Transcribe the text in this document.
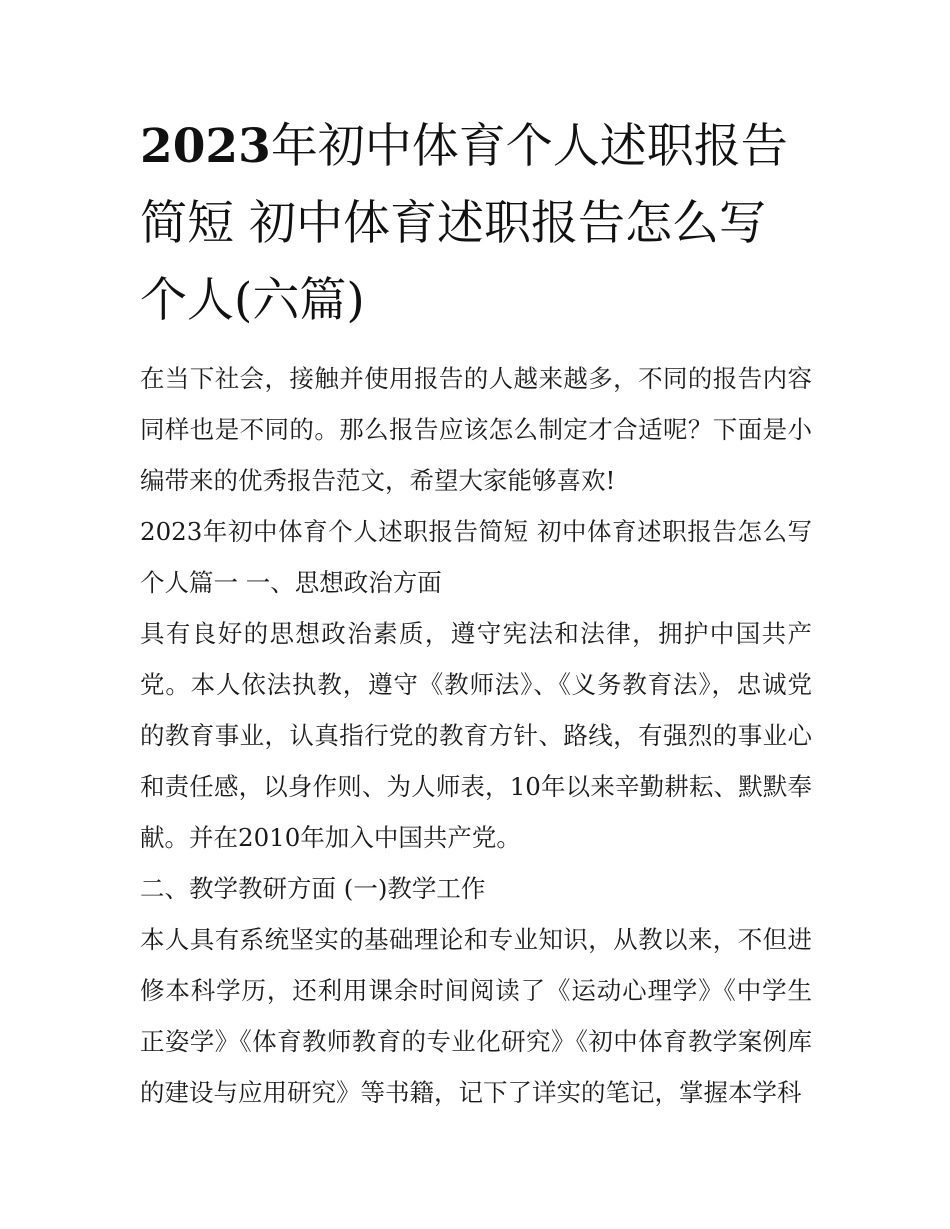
2023年初中体育个人述职报告简短 初中体育述职报告怎么写个人(六篇)

在当下社会，接触并使用报告的人越来越多，不同的报告内容同样也是不同的。那么报告应该怎么制定才合适呢？下面是小编带来的优秀报告范文，希望大家能够喜欢!

2023年初中体育个人述职报告简短 初中体育述职报告怎么写个人篇一 一、思想政治方面

具有良好的思想政治素质，遵守宪法和法律，拥护中国共产党。本人依法执教，遵守《教师法》、《义务教育法》，忠诚党的教育事业，认真指行党的教育方针、路线，有强烈的事业心和责任感，以身作则、为人师表，10年以来辛勤耕耘、默默奉献。并在2010年加入中国共产党。

二、教学教研方面 (一)教学工作

本人具有系统坚实的基础理论和专业知识，从教以来，不但进修本科学历，还利用课余时间阅读了《运动心理学》《中学生正姿学》《体育教师教育的专业化研究》《初中体育教学案例库的建设与应用研究》等书籍，记下了详实的笔记，掌握本学科
